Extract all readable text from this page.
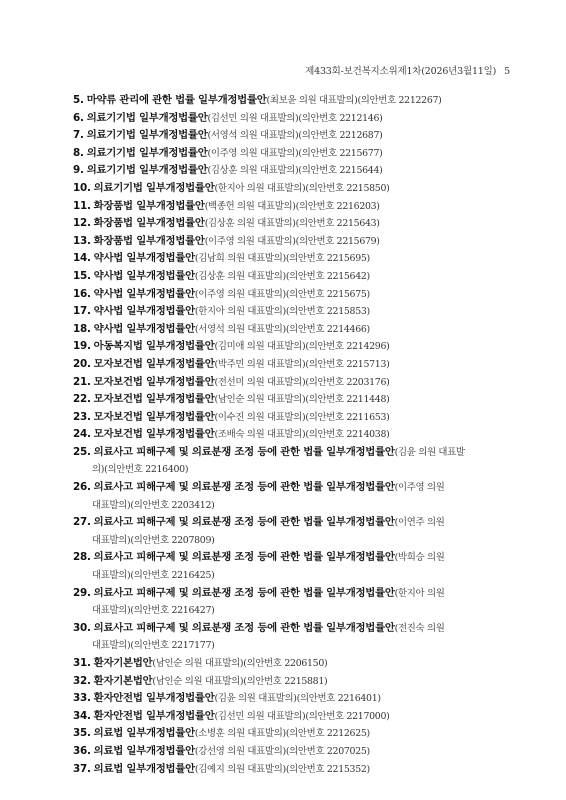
제433회-보건복지소위제1차(2026년3월11일) 5
5. 마약류 관리에 관한 법률 일부개정법률안(최보윤 의원 대표발의)(의안번호 2212267)
6. 의료기기법 일부개정법률안(김선민 의원 대표발의)(의안번호 2212146)
7. 의료기기법 일부개정법률안(서영석 의원 대표발의)(의안번호 2212687)
8. 의료기기법 일부개정법률안(이주영 의원 대표발의)(의안번호 2215677)
9. 의료기기법 일부개정법률안(김상훈 의원 대표발의)(의안번호 2215644)
10. 의료기기법 일부개정법률안(한지아 의원 대표발의)(의안번호 2215850)
11. 화장품법 일부개정법률안(백종헌 의원 대표발의)(의안번호 2216203)
12. 화장품법 일부개정법률안(김상훈 의원 대표발의)(의안번호 2215643)
13. 화장품법 일부개정법률안(이주영 의원 대표발의)(의안번호 2215679)
14. 약사법 일부개정법률안(김남희 의원 대표발의)(의안번호 2215695)
15. 약사법 일부개정법률안(김상훈 의원 대표발의)(의안번호 2215642)
16. 약사법 일부개정법률안(이주영 의원 대표발의)(의안번호 2215675)
17. 약사법 일부개정법률안(한지아 의원 대표발의)(의안번호 2215853)
18. 약사법 일부개정법률안(서영석 의원 대표발의)(의안번호 2214466)
19. 아동복지법 일부개정법률안(김미애 의원 대표발의)(의안번호 2214296)
20. 모자보건법 일부개정법률안(박주민 의원 대표발의)(의안번호 2215713)
21. 모자보건법 일부개정법률안(전선미 의원 대표발의)(의안번호 2203176)
22. 모자보건법 일부개정법률안(남인순 의원 대표발의)(의안번호 2211448)
23. 모자보건법 일부개정법률안(이수진 의원 대표발의)(의안번호 2211653)
24. 모자보건법 일부개정법률안(조배숙 의원 대표발의)(의안번호 2214038)
25. 의료사고 피해구제 및 의료분쟁 조정 등에 관한 법률 일부개정법률안(김윤 의원 대표발
의)(의안번호 2216400)
26. 의료사고 피해구제 및 의료분쟁 조정 등에 관한 법률 일부개정법률안(이주영 의원
대표발의)(의안번호 2203412)
27. 의료사고 피해구제 및 의료분쟁 조정 등에 관한 법률 일부개정법률안(이연주 의원
대표발의)(의안번호 2207809)
28. 의료사고 피해구제 및 의료분쟁 조정 등에 관한 법률 일부개정법률안(박희승 의원
대표발의)(의안번호 2216425)
29. 의료사고 피해구제 및 의료분쟁 조정 등에 관한 법률 일부개정법률안(한지아 의원
대표발의)(의안번호 2216427)
30. 의료사고 피해구제 및 의료분쟁 조정 등에 관한 법률 일부개정법률안(전진숙 의원
대표발의)(의안번호 2217177)
31. 환자기본법안(남인순 의원 대표발의)(의안번호 2206150)
32. 환자기본법안(남인순 의원 대표발의)(의안번호 2215881)
33. 환자안전법 일부개정법률안(김윤 의원 대표발의)(의안번호 2216401)
34. 환자안전법 일부개정법률안(김선민 의원 대표발의)(의안번호 2217000)
35. 의료법 일부개정법률안(소병훈 의원 대표발의)(의안번호 2212625)
36. 의료법 일부개정법률안(강선영 의원 대표발의)(의안번호 2207025)
37. 의료법 일부개정법률안(김예지 의원 대표발의)(의안번호 2215352)
